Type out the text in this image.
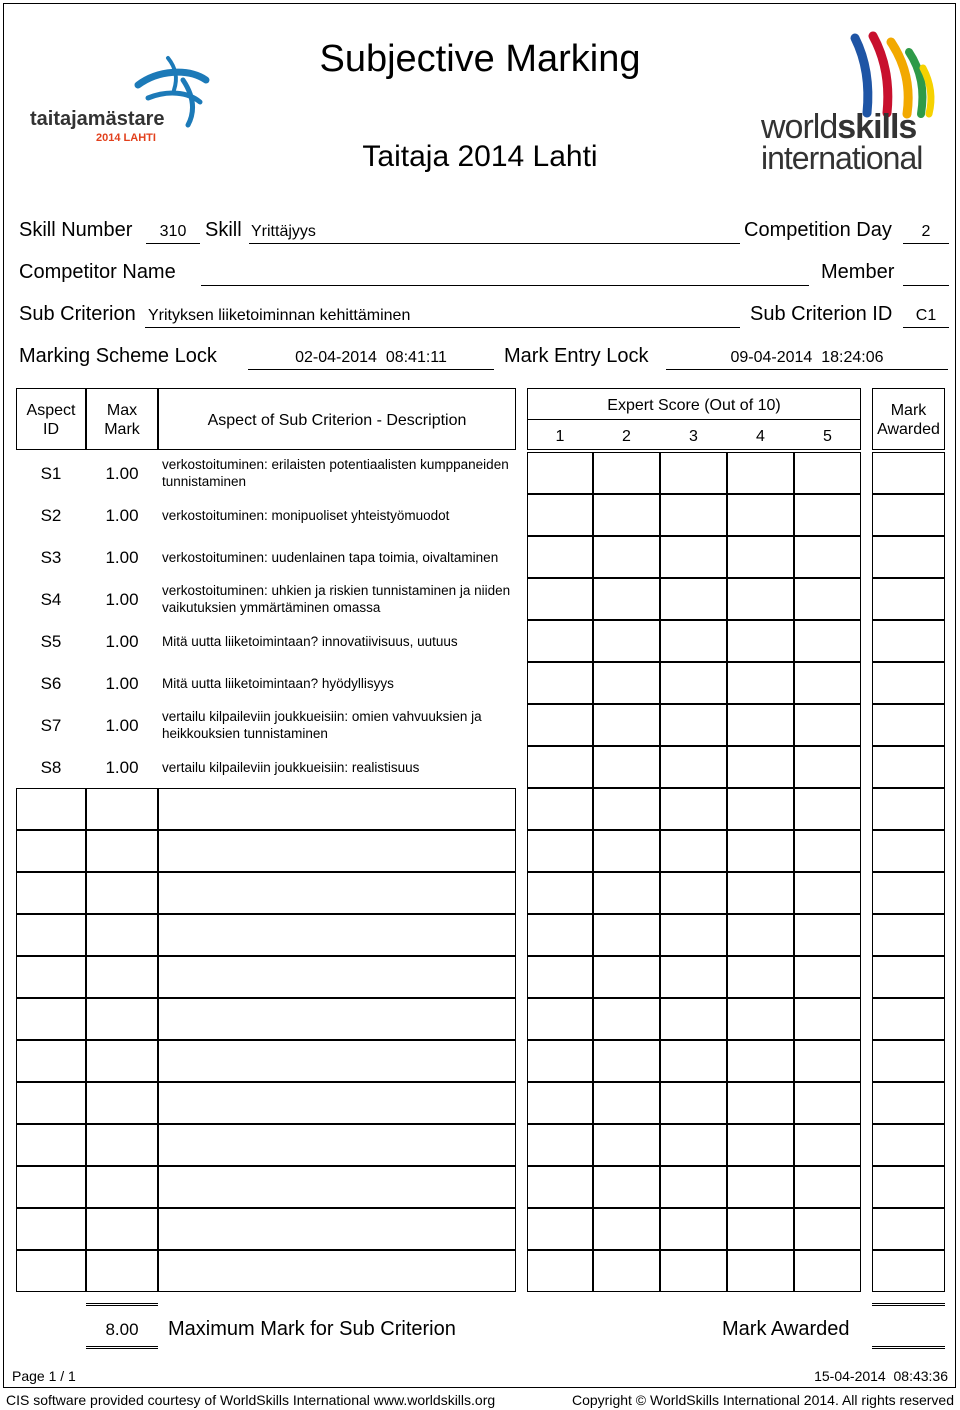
taitajamästare
2014 LAHTI	worldskills
international
Subjective Marking
Taitaja 2014 Lahti
Skill Number	310 Skill Yrittäjyys	Competition Day	2
Competitor Name	Member
Sub Criterion Yrityksen liiketoiminnan kehittäminen	Sub Criterion ID	C1
Marking Scheme Lock	02-04-2014  08:41:11	Mark Entry Lock	09-04-2014  18:24:06
Aspect ID
Max Mark
Aspect of Sub Criterion - Description
Expert Score (Out of 10)
1	2	3	4	5
Mark Awarded
S1	1.00	verkostoituminen: erilaisten potentiaalisten kumppaneiden tunnistaminen
S2	1.00	verkostoituminen: monipuoliset yhteistyömuodot
S3	1.00	verkostoituminen: uudenlainen tapa toimia, oivaltaminen
S4	1.00	verkostoituminen: uhkien ja riskien tunnistaminen ja niiden vaikutuksien ymmärtäminen omassa
S5	1.00	Mitä uutta liiketoimintaan? innovatiivisuus, uutuus
S6	1.00	Mitä uutta liiketoimintaan? hyödyllisyys
S7	1.00	vertailu kilpaileviin joukkueisiin: omien vahvuuksien ja heikkouksien tunnistaminen
S8	1.00	vertailu kilpaileviin joukkueisiin: realistisuus
8.00	Maximum Mark for Sub Criterion	Mark Awarded
Page 1 / 1	15-04-2014  08:43:36
CIS software provided courtesy of WorldSkills International www.worldskills.org	Copyright © WorldSkills International 2014. All rights reserved
